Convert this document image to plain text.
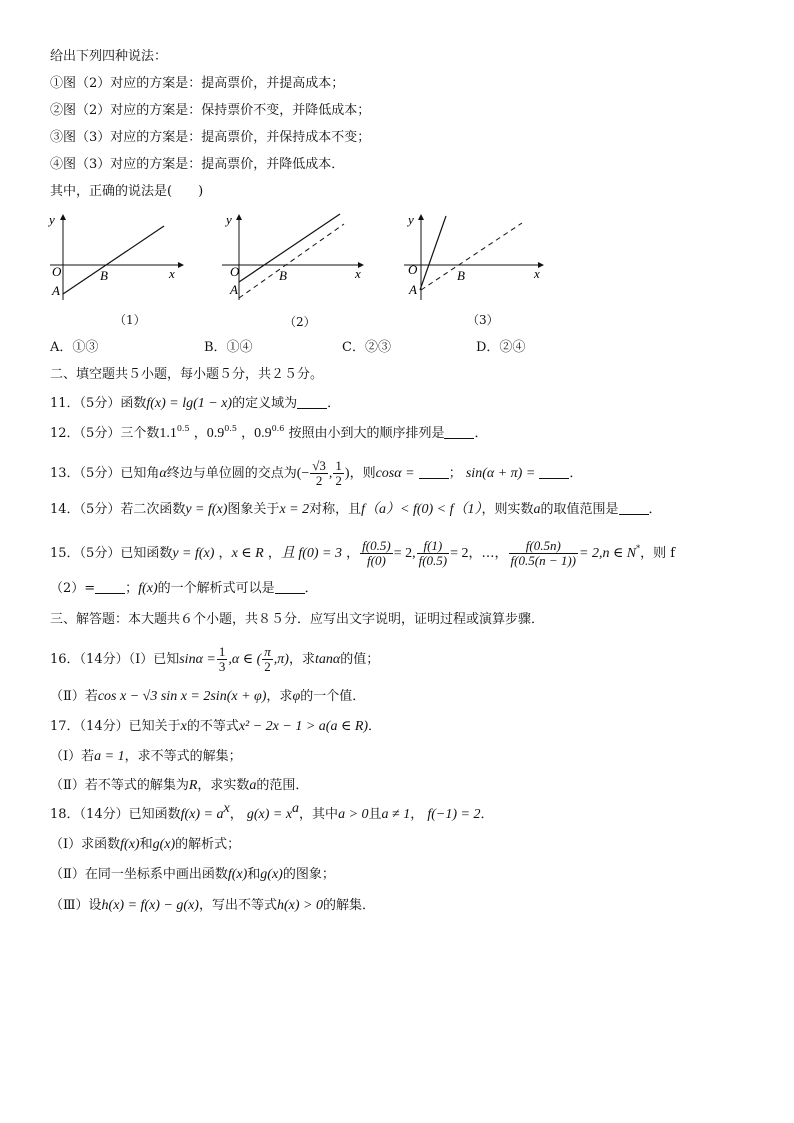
给出下列四种说法：
①图（2）对应的方案是：提高票价，并提高成本；
②图（2）对应的方案是：保持票价不变，并降低成本；
③图（3）对应的方案是：提高票价，并保持成本不变；
④图（3）对应的方案是：提高票价，并降低成本．
其中，正确的说法是(　　)
y
x
O
A
B
（1）
y
x
O
A
B
（2）
y
x
O
A
B
（3）
A．①③	B．①④	C．②③	D．②④
二、填空题共５小题，每小题５分，共２５分。
11．（5分）函数f(x) = lg(1 − x)的定义域为 ．
12．（5分）三个数$1.1^{0.5}$ ，$0.9^{0.5}$ ，$0.9^{0.6}$ 按照由小到大的顺序排列是 ．
13．（5分）已知角α终边与单位圆的交点为(− $\frac{√3}{2}$ , $\frac{1}{2}$ )，则cosα =	； sin(α + π) =	．
14．（5分）若二次函数y = f(x)图象关于x = 2对称，且f（a）< f(0) < f（1），则实数a的取值范围是 ．
15．（5分）已知函数y = f(x) ，x ∈ R ，且 f(0) = 3 ， $\frac{f(0.5)}{f(0)} = 2$, $\frac{f(1)}{f(0.5)} = 2$，…， $\frac{f(0.5n)}{f(0.5(n - 1))} = 2,n$ ∈ N*，则 f
（2）= ；f(x)的一个解析式可以是 ．
三、解答题：本大题共６个小题，共８５分．应写出文字说明，证明过程或演算步骤．
16．（14分）（Ⅰ）已知$\sin\alpha = \frac{1}{3} ,\alpha$ ∈ ( $\frac{\pi}{2} ,\pi$)，求tanα的值；
（Ⅱ）若cos x − √3 sin x = 2sin(x + φ)，求φ的一个值．
17．（14分）已知关于x的不等式x² − 2x − 1 > a(a ∈ R)．
（Ⅰ）若a = 1，求不等式的解集；
（Ⅱ）若不等式的解集为R，求实数a的范围．
18．（14分）已知函数$f(x) = a^x$， $g(x) = x^a$，其中a > 0且a ≠ 1， f(−1) = 2．
（Ⅰ）求函数f(x)和g(x)的解析式；
（Ⅱ）在同一坐标系中画出函数f(x)和g(x)的图象；
（Ⅲ）设h(x) = f(x) − g(x)，写出不等式h(x) > 0的解集．
